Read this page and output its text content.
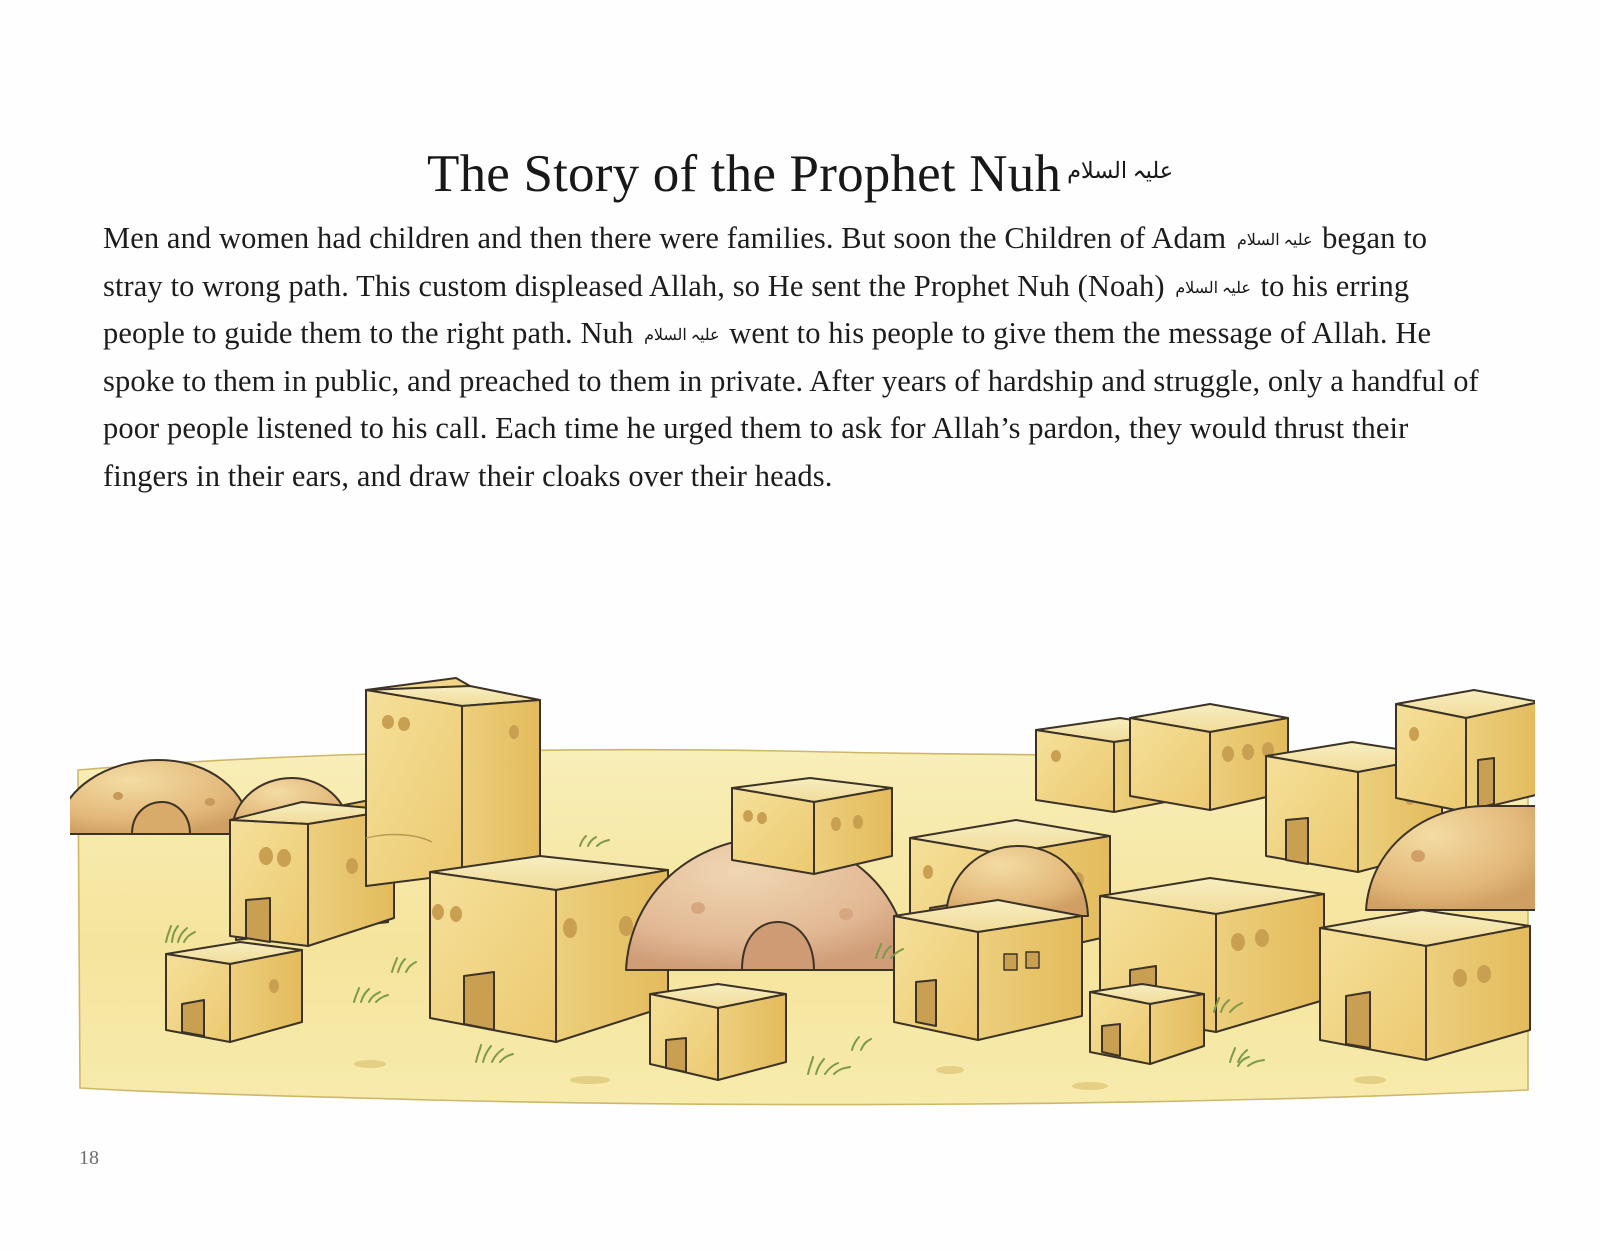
The Story of the Prophet Nuh علیہ السلام
Men and women had children and then there were families. But soon the Children of Adam علیہ السلام began to stray to wrong path. This custom displeased Allah, so He sent the Prophet Nuh (Noah) علیہ السلام to his erring people to guide them to the right path. Nuh علیہ السلام went to his people to give them the message of Allah. He spoke to them in public, and preached to them in private. After years of hardship and struggle, only a handful of poor people listened to his call. Each time he urged them to ask for Allah’s pardon, they would thrust their fingers in their ears, and draw their cloaks over their heads.
18
